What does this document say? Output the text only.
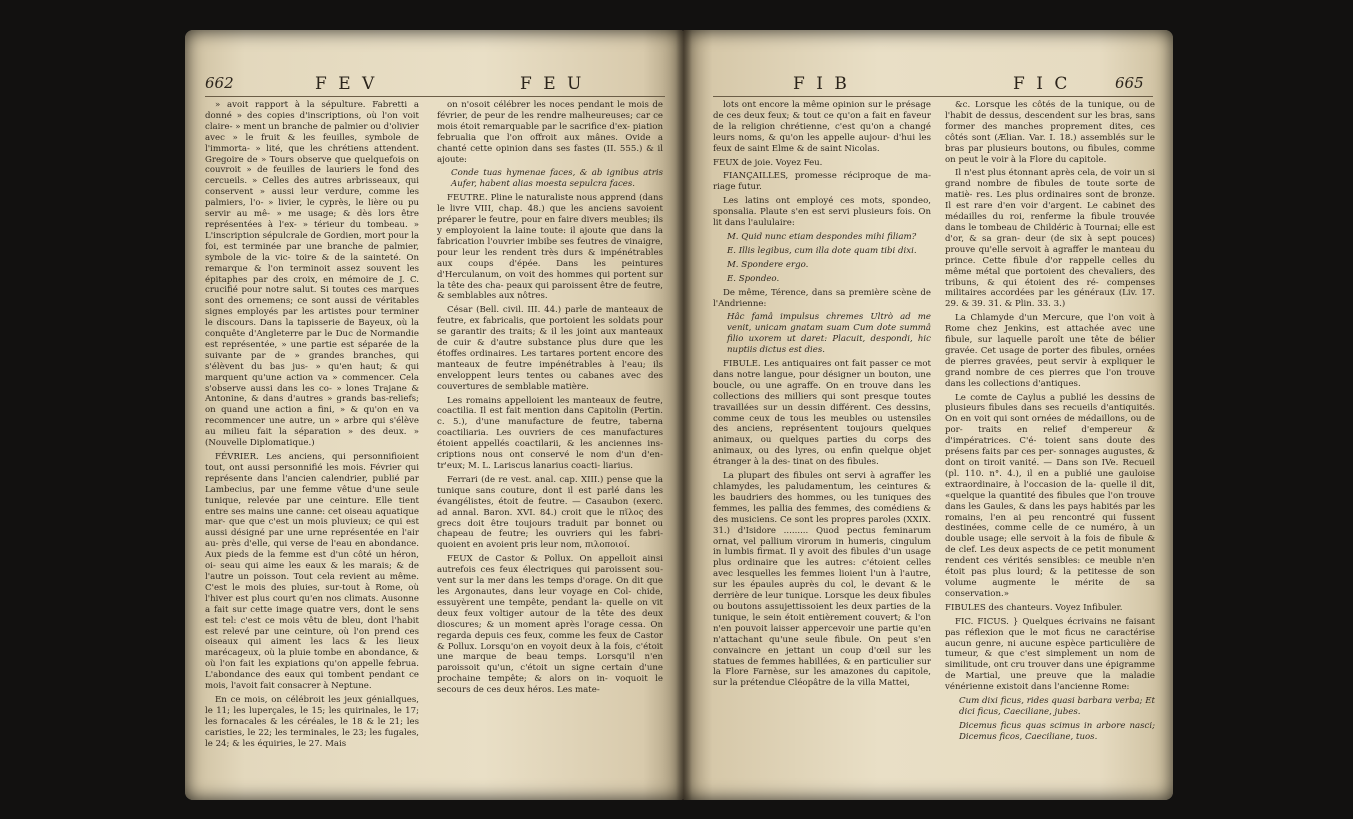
662	F E V	F E U

» avoit rapport à la sépulture. Fabretti a donné » des copies d'inscriptions, où l'on voit claire- » ment un branche de palmier ou d'olivier avec » le fruit & les feuilles, symbole de l'immorta- » lité, que les chrétiens attendent. Gregoire de » Tours observe que quelquefois on couvroit » de feuilles de lauriers le fond des cercueils. » Celles des autres arbrisseaux, qui conservent » aussi leur verdure, comme les palmiers, l'o- » livier, le cyprès, le lière ou pu servir au mê- » me usage; & dès lors être représentées à l'ex- » térieur du tombeau. » L'inscription sépulcrale de Gordien, mort pour la foi, est terminée par une branche de palmier, symbole de la vic- toire & de la sainteté. On remarque & l'on terminoit assez souvent les épitaphes par des croix, en mémoire de J. C. crucifié pour notre salut. Si toutes ces marques sont des ornemens; ce sont aussi de véritables signes employés par les artistes pour terminer le discours. Dans la tapisserie de Bayeux, où la conquête d'Angleterre par le Duc de Normandie est représentée, » une partie est séparée de la suivante par de » grandes branches, qui s'élèvent du bas jus- » qu'en haut; & qui marquent qu'une action va » commencer. Cela s'observe aussi dans les co- » lones Trajane & Antonine, & dans d'autres » grands bas-reliefs; on quand une action a fini, » & qu'on en va recommencer une autre, un » arbre qui s'élève au milieu fait la séparation » des deux. » (Nouvelle Diplomatique.)

FÉVRIER. Les anciens, qui personnifioient tout, ont aussi personnifié les mois. Février qui représente dans l'ancien calendrier, publié par Lambecius, par une femme vêtue d'une seule tunique, relevée par une ceinture. Elle tient entre ses mains une canne: cet oiseau aquatique mar- que que c'est un mois pluvieux; ce qui est aussi désigné par une urne représentée en l'air au- près d'elle, qui verse de l'eau en abondance. Aux pieds de la femme est d'un côté un héron, oi- seau qui aime les eaux & les marais; & de l'autre un poisson. Tout cela revient au même. C'est le mois des pluies, sur-tout à Rome, où l'hiver est plus court qu'en nos climats. Ausonne a fait sur cette image quatre vers, dont le sens est tel: c'est ce mois vêtu de bleu, dont l'habit est relevé par une ceinture, où l'on prend ces oiseaux qui aiment les lacs & les lieux marécageux, où la pluie tombe en abondance, & où l'on fait les expiations qu'on appelle februa. L'abondance des eaux qui tombent pendant ce mois, l'avoit fait consacrer à Neptune.

En ce mois, on célébroit les jeux géniallques, le 11; les luperçales, le 15; les quirinales, le 17; les fornacales & les céréales, le 18 & le 21; les caristies, le 22; les terminales, le 23; les fugales, le 24; & les équiries, le 27. Mais

on n'osoit célébrer les noces pendant le mois de février, de peur de les rendre malheureuses; car ce mois étoit remarquable par le sacrifice d'ex- piation februalia que l'on offroit aux mânes. Ovide a chanté cette opinion dans ses fastes (II. 555.) & il ajoute:

Conde tuas hymenae faces, & ab ignibus atris Aufer, habent alias moesta sepulcra faces.

FEUTRE. Pline le naturaliste nous apprend (dans le livre VIII, chap. 48.) que les anciens savoient préparer le feutre, pour en faire divers meubles; ils y employoient la laine toute: il ajoute que dans la fabrication l'ouvrier imbibe ses feutres de vinaigre, pour leur les rendent très durs & impénétrables aux coups d'épée. Dans les peintures d'Herculanum, on voit des hommes qui portent sur la tête des cha- peaux qui paroissent être de feutre, & semblables aux nôtres.

César (Bell. civil. III. 44.) parle de manteaux de feutre, ex fabricalis, que portoient les soldats pour se garantir des traits; & il les joint aux manteaux de cuir & d'autre substance plus dure que les étoffes ordinaires. Les tartares portent encore des manteaux de feutre impénétrables à l'eau; ils enveloppent leurs tentes ou cabanes avec des couvertures de semblable matière.

Les romains appelloient les manteaux de feutre, coactilia. Il est fait mention dans Capitolin (Pertin. c. 5.), d'une manufacture de feutre, taberna coactiliaria. Les ouvriers de ces manufactures étoient appellés coactilarii, & les anciennes ins- criptions nous ont conservé le nom d'un d'en- tr'eux; M. L. Lariscus lanarius coacti- liarius.

Ferrari (de re vest. anal. cap. XIII.) pense que la tunique sans couture, dont il est parlé dans les évangélistes, étoit de feutre. — Casaubon (exerc. ad annal. Baron. XVI. 84.) croit que le πῖλος des grecs doit être toujours traduit par bonnet ou chapeau de feutre; les ouvriers qui les fabri- quoient en avoient pris leur nom, πιλοποιοί.

FEUX de Castor & Pollux. On appelloit ainsi autrefois ces feux électriques qui paroissent sou- vent sur la mer dans les temps d'orage. On dit que les Argonautes, dans leur voyage en Col- chide, essuyèrent une tempête, pendant la- quelle on vit deux feux voltiger autour de la tête des deux dioscures; & un moment après l'orage cessa. On regarda depuis ces feux, comme les feux de Castor & Pollux. Lorsqu'on en voyoit deux à la fois, c'étoit une marque de beau temps. Lorsqu'il n'en paroissoit qu'un, c'étoit un signe certain d'une prochaine tempête; & alors on in- voquoit le secours de ces deux héros. Les mate-

F I B	F I C	665

lots ont encore la même opinion sur le présage de ces deux feux; & tout ce qu'on a fait en faveur de la religion chrétienne, c'est qu'on a changé leurs noms, & qu'on les appelle aujour- d'hui les feux de saint Elme & de saint Nicolas.

FEUX de joie. Voyez Feu.

FIANÇAILLES, promesse réciproque de ma- riage futur.

Les latins ont employé ces mots, spondeo, sponsalia. Plaute s'en est servi plusieurs fois. On lit dans l'aululaire:

M. Quid nunc etiam despondes mihi filiam?

E. Illis legibus, cum illa dote quam tibi dixi.

M. Spondere ergo.

E. Spondeo.

De même, Térence, dans sa première scène de l'Andrienne:

Hâc famâ impulsus chremes Ultrò ad me venit, unicam gnatam suam Cum dote summâ filio uxorem ut daret: Placuit, despondi, hic nuptiis dictus est dies.

FIBULE. Les antiquaires ont fait passer ce mot dans notre langue, pour désigner un bouton, une boucle, ou une agraffe. On en trouve dans les collections des milliers qui sont presque toutes travaillées sur un dessin différent. Ces dessins, comme ceux de tous les meubles ou ustensiles des anciens, représentent toujours quelques animaux, ou quelques parties du corps des animaux, ou des lyres, ou enfin quelque objet étranger à la des- tinat on des fibules.

La plupart des fibules ont servi à agraffer les chlamydes, les paludamentum, les ceintures & les baudriers des hommes, ou les tuniques des femmes, les pallia des femmes, des comédiens & des musiciens. Ce sont les propres paroles (XXIX. 31.) d'Isidore ......... Quod pectus feminarum ornat, vel pallium virorum in humeris, cingulum in lumbis firmat. Il y avoit des fibules d'un usage plus ordinaire que les autres: c'étoient celles avec lesquelles les femmes lioient l'un à l'autre, sur les épaules auprès du col, le devant & le derrière de leur tunique. Lorsque les deux fibules ou boutons assujettissoient les deux parties de la tunique, le sein étoit entièrement couvert; & l'on n'en pouvoit laisser appercevoir une partie qu'en n'attachant qu'une seule fibule. On peut s'en convaincre en jettant un coup d'œil sur les statues de femmes habillées, & en particulier sur la Flore Farnèse, sur les amazones du capitole, sur la prétendue Cléopâtre de la villa Mattei,

&c. Lorsque les côtés de la tunique, ou de l'habit de dessus, descendent sur les bras, sans former des manches proprement dites, ces côtés sont (Ælian. Var. I. 18.) assemblés sur le bras par plusieurs boutons, ou fibules, comme on peut le voir à la Flore du capitole.

Il n'est plus étonnant après cela, de voir un si grand nombre de fibules de toute sorte de matiè- res. Les plus ordinaires sont de bronze. Il est rare d'en voir d'argent. Le cabinet des médailles du roi, renferme la fibule trouvée dans le tombeau de Childéric à Tournai; elle est d'or, & sa gran- deur (de six à sept pouces) prouve qu'elle servoit à agraffer le manteau du prince. Cette fibule d'or rappelle celles du même métal que portoient des chevaliers, des tribuns, & qui étoient des ré- compenses militaires accordées par les généraux (Liv. 17. 29. & 39. 31. & Plin. 33. 3.)

La Chlamyde d'un Mercure, que l'on voit à Rome chez Jenkins, est attachée avec une fibule, sur laquelle paroît une tête de bélier gravée. Cet usage de porter des fibules, ornées de pierres gravées, peut servir à expliquer le grand nombre de ces pierres que l'on trouve dans les collections d'antiques.

Le comte de Caylus a publié les dessins de plusieurs fibules dans ses recueils d'antiquités. On en voit qui sont ornées de médaillons, ou de por- traits en relief d'empereur & d'impératrices. C'é- toient sans doute des présens faits par ces per- sonnages augustes, & dont on tiroit vanité. — Dans son IVe. Recueil (pl. 110. n°. 4.), il en a publié une gauloise extraordinaire, à l'occasion de la- quelle il dit, «quelque la quantité des fibules que l'on trouve dans les Gaules, & dans les pays habités par les romains, l'en ai peu rencontré qui fussent destinées, comme celle de ce numéro, à un double usage; elle servoit à la fois de fibule & de clef. Les deux aspects de ce petit monument rendent ces vérités sensibles: ce meuble n'en étoit pas plus lourd; & la petitesse de son volume augmente le mérite de sa conservation.»

FIBULES des chanteurs. Voyez Infibuler.

FIC. FICUS. } Quelques écrivains ne faisant pas réflexion que le mot ficus ne caractérise aucun genre, ni aucune espèce particulière de tumeur, & que c'est simplement un nom de similitude, ont cru trouver dans une épigramme de Martial, une preuve que la maladie vénérienne existoit dans l'ancienne Rome:

Cum dixi ficus, rides quasi barbara verba; Et dici ficus, Caeciliane, jubes.

Dicemus ficus quas scimus in arbore nasci; Dicemus ficos, Caeciliane, tuos.
